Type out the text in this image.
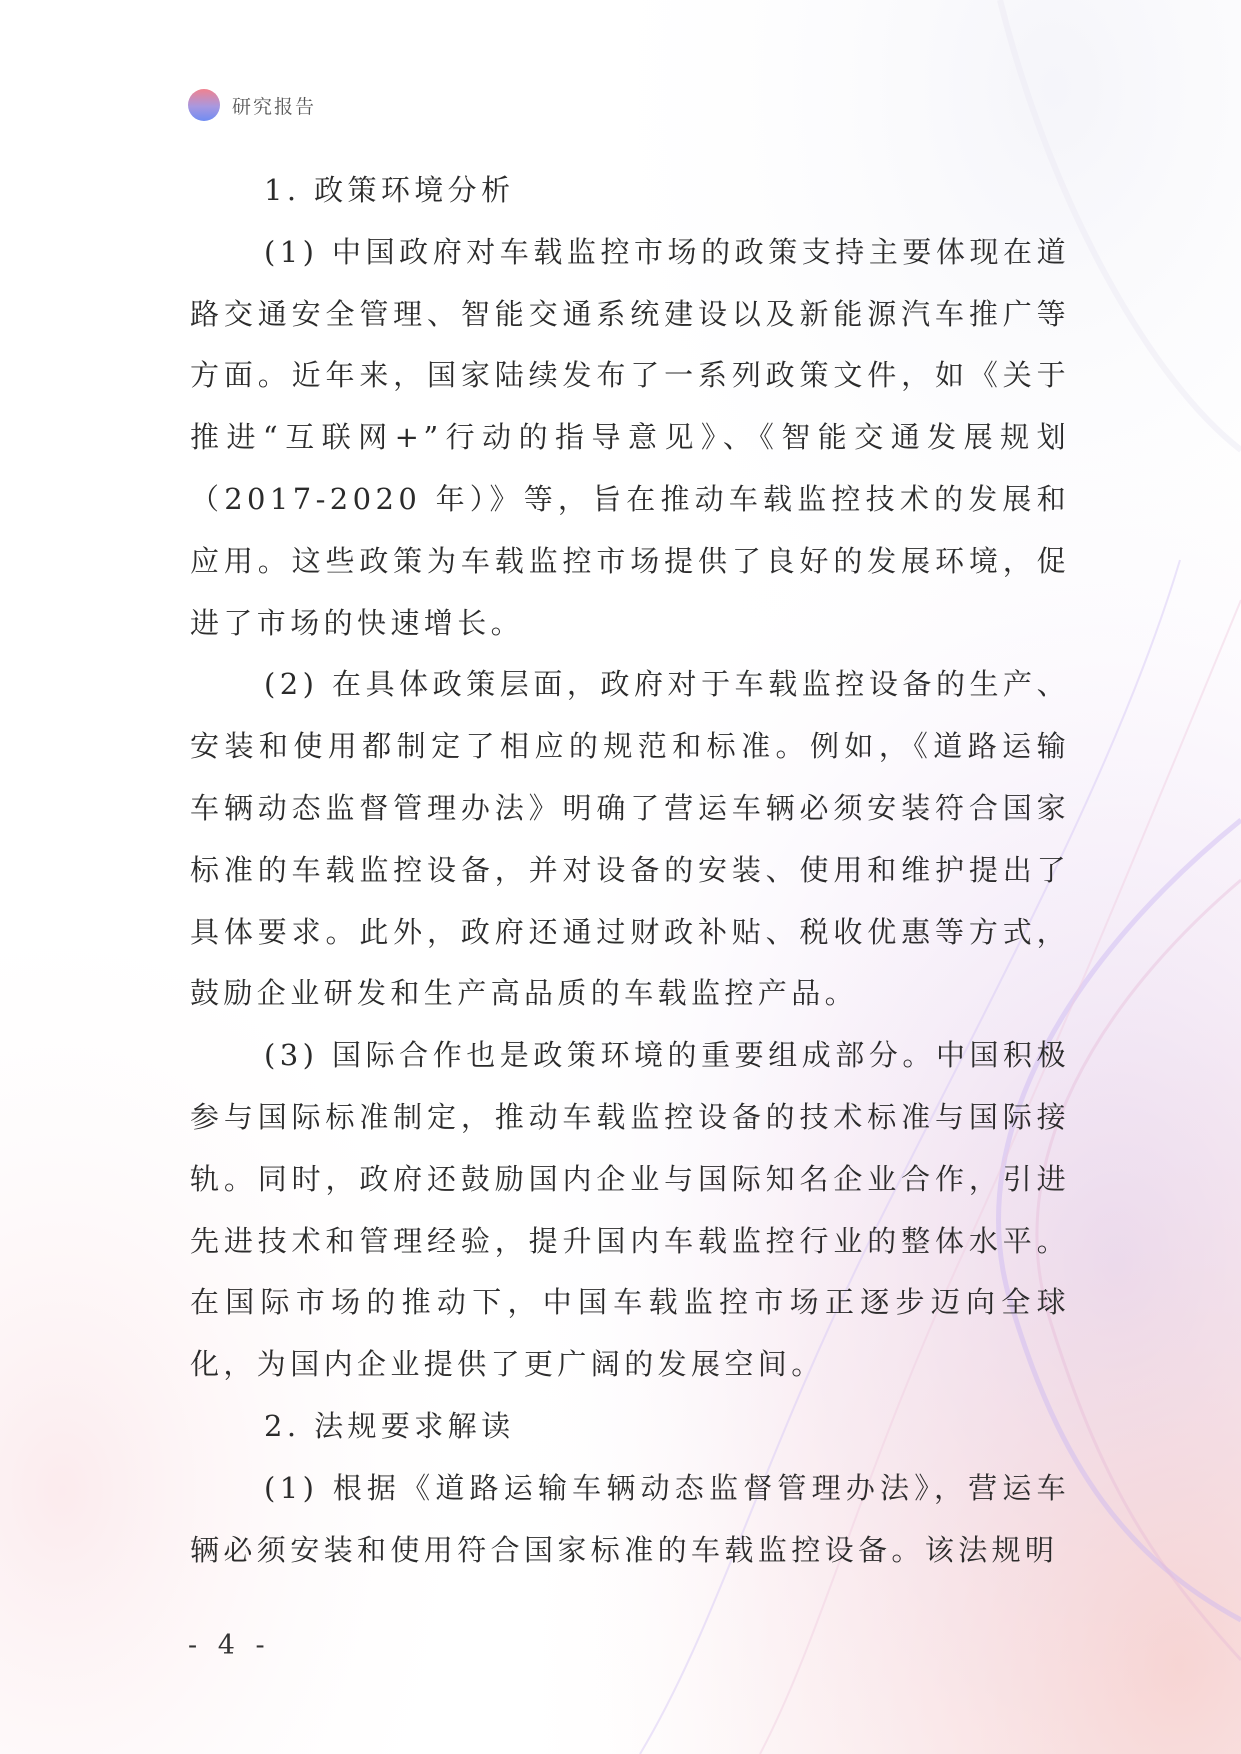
研究报告

1. 政策环境分析

(1) 中国政府对车载监控市场的政策支持主要体现在道路交通安全管理、智能交通系统建设以及新能源汽车推广等方面。近年来，国家陆续发布了一系列政策文件，如《关于推进“互联网+”行动的指导意见》、《智能交通发展规划（2017-2020 年）》等，旨在推动车载监控技术的发展和应用。这些政策为车载监控市场提供了良好的发展环境，促进了市场的快速增长。

(2) 在具体政策层面，政府对于车载监控设备的生产、安装和使用都制定了相应的规范和标准。例如，《道路运输车辆动态监督管理办法》明确了营运车辆必须安装符合国家标准的车载监控设备，并对设备的安装、使用和维护提出了具体要求。此外，政府还通过财政补贴、税收优惠等方式，鼓励企业研发和生产高品质的车载监控产品。

(3) 国际合作也是政策环境的重要组成部分。中国积极参与国际标准制定，推动车载监控设备的技术标准与国际接轨。同时，政府还鼓励国内企业与国际知名企业合作，引进先进技术和管理经验，提升国内车载监控行业的整体水平。在国际市场的推动下，中国车载监控市场正逐步迈向全球化，为国内企业提供了更广阔的发展空间。

2. 法规要求解读

(1) 根据《道路运输车辆动态监督管理办法》，营运车辆必须安装和使用符合国家标准的车载监控设备。该法规明

- 4 -
